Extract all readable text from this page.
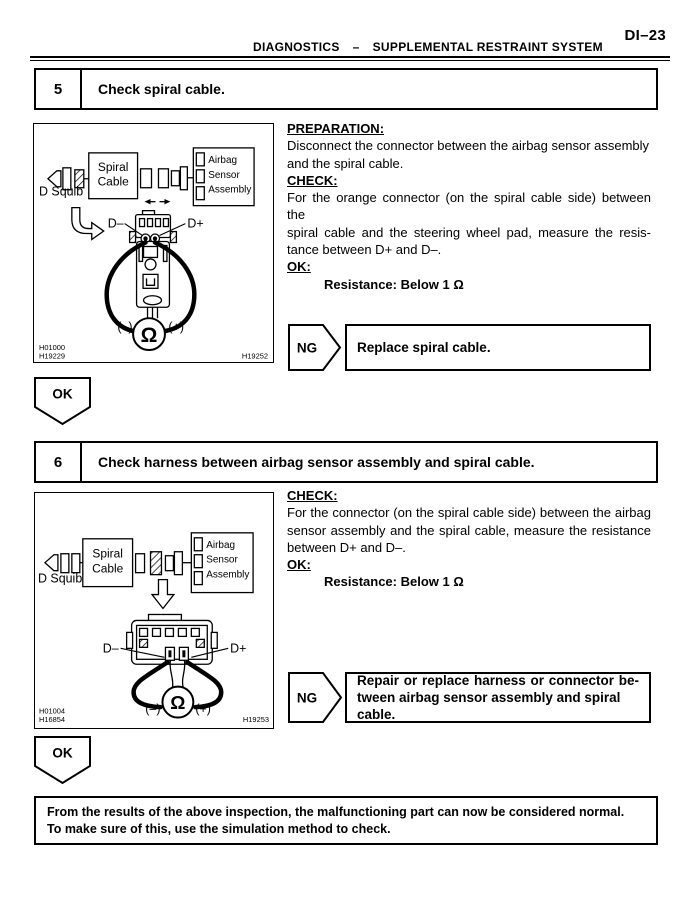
DI–23
DIAGNOSTICS – SUPPLEMENTAL RESTRAINT SYSTEM
5	Check spiral cable.
Spiral
Cable
Airbag
Sensor
Assembly
D Squib
D–	D+
Ω
(–)	(+)
H01000
H19229	H19252
PREPARATION:
Disconnect the connector between the airbag sensor assembly
and the spiral cable.
CHECK:
For the orange connector (on the spiral cable side) between the
spiral cable and the steering wheel pad, measure the resis-
tance between D+ and D–.
OK:
Resistance: Below 1 Ω
NG	Replace spiral cable.
OK
6	Check harness between airbag sensor assembly and spiral cable.
Spiral
Cable
Airbag
Sensor
Assembly
D Squib
D–	D+
Ω
(–)	(+)
H01004
H16854	H19253
CHECK:
For the connector (on the spiral cable side) between the airbag
sensor assembly and the spiral cable, measure the resistance
between D+ and D–.
OK:
Resistance: Below 1 Ω
NG
Repair or replace harness or connector be-
tween airbag sensor assembly and spiral cable.
OK
From the results of the above inspection, the malfunctioning part can now be considered normal.
To make sure of this, use the simulation method to check.
